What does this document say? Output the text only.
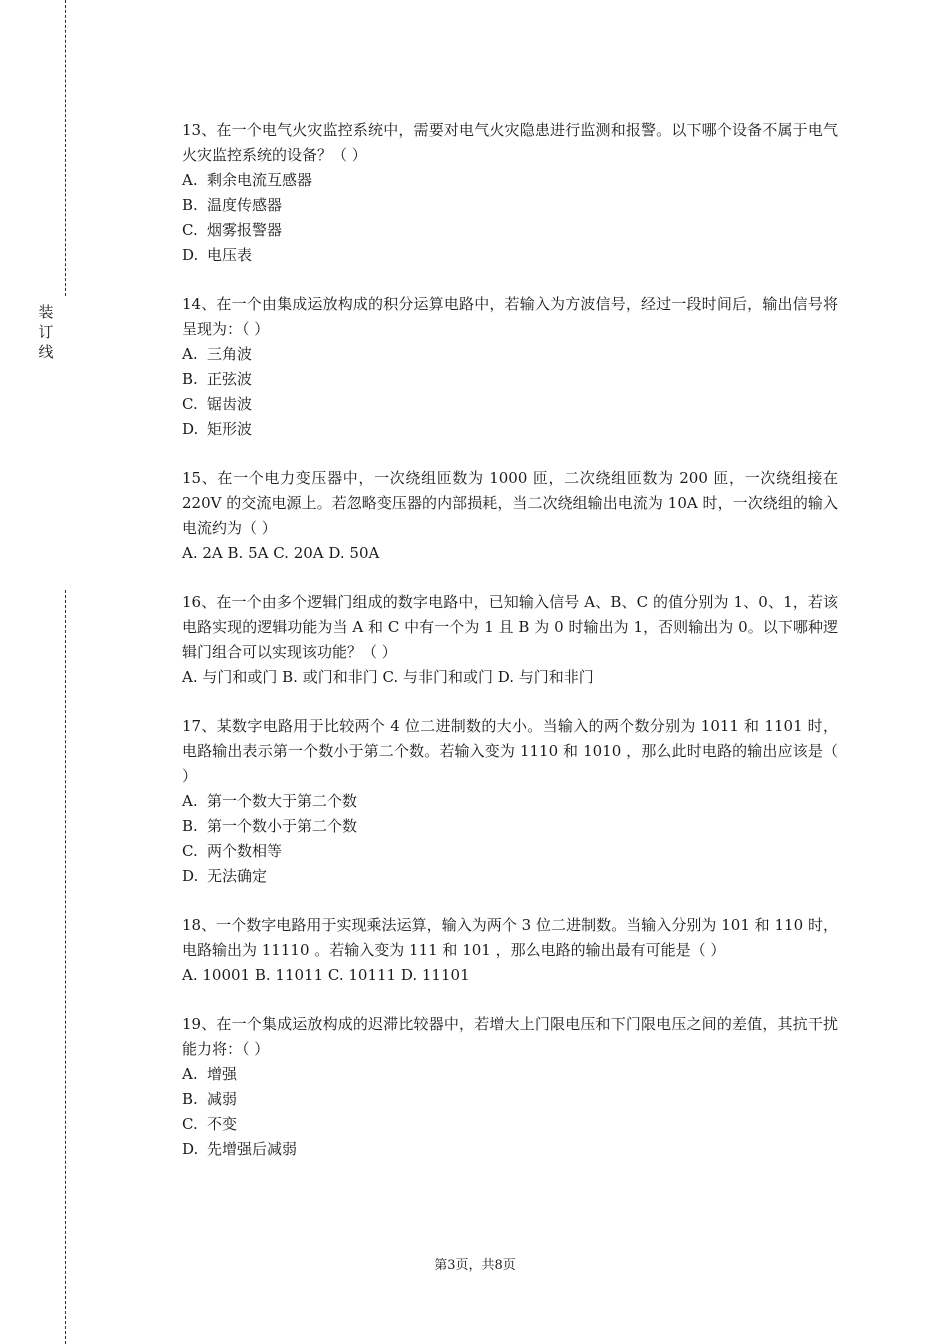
装
订
线

13、在一个电气火灾监控系统中，需要对电气火灾隐患进行监测和报警。以下哪个设备不属于电气火灾监控系统的设备？（ ）

A. 剩余电流互感器

B. 温度传感器

C. 烟雾报警器

D. 电压表

14、在一个由集成运放构成的积分运算电路中，若输入为方波信号，经过一段时间后，输出信号将呈现为：（ ）

A. 三角波

B. 正弦波

C. 锯齿波

D. 矩形波

15、在一个电力变压器中，一次绕组匝数为 1000 匝，二次绕组匝数为 200 匝，一次绕组接在 220V 的交流电源上。若忽略变压器的内部损耗，当二次绕组输出电流为 10A 时，一次绕组的输入电流约为（ ）

A. 2A B. 5A C. 20A D. 50A

16、在一个由多个逻辑门组成的数字电路中，已知输入信号 A、B、C 的值分别为 1、0、1，若该电路实现的逻辑功能为当 A 和 C 中有一个为 1 且 B 为 0 时输出为 1，否则输出为 0。以下哪种逻辑门组合可以实现该功能？（ ）

A. 与门和或门 B. 或门和非门 C. 与非门和或门 D. 与门和非门

17、某数字电路用于比较两个 4 位二进制数的大小。当输入的两个数分别为 1011 和 1101 时，电路输出表示第一个数小于第二个数。若输入变为 1110 和 1010 ，那么此时电路的输出应该是（ ）

A. 第一个数大于第二个数

B. 第一个数小于第二个数

C. 两个数相等

D. 无法确定

18、一个数字电路用于实现乘法运算，输入为两个 3 位二进制数。当输入分别为 101 和 110 时，电路输出为 11110 。若输入变为 111 和 101 ，那么电路的输出最有可能是（ ）

A. 10001 B. 11011 C. 10111 D. 11101

19、在一个集成运放构成的迟滞比较器中，若增大上门限电压和下门限电压之间的差值，其抗干扰能力将：（ ）

A. 增强

B. 减弱

C. 不变

D. 先增强后减弱

第3页，共8页
